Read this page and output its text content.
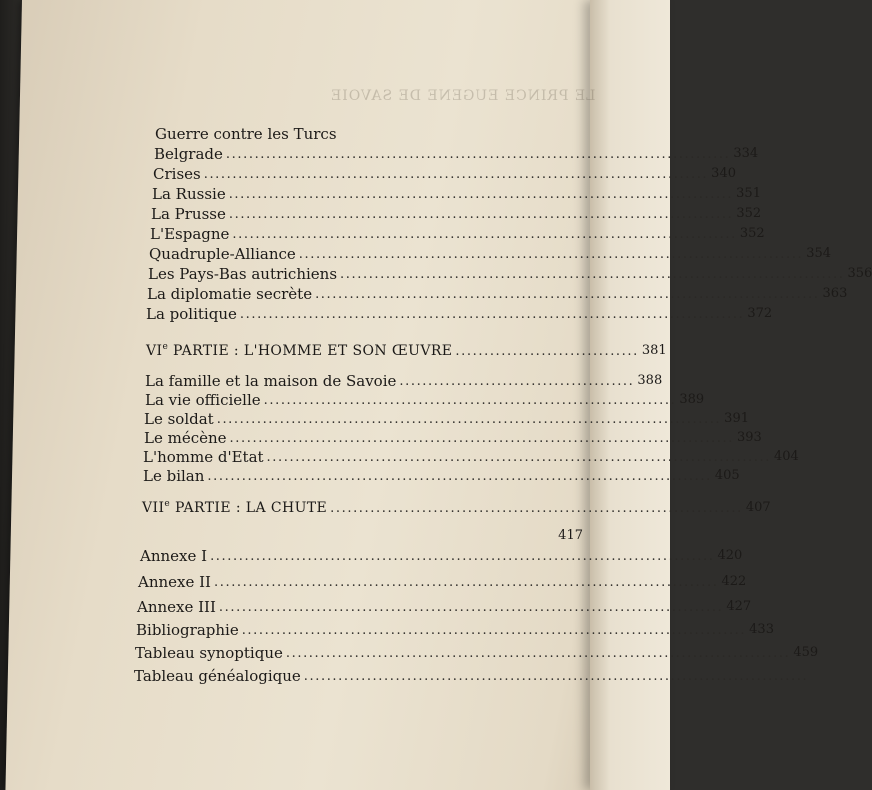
LE PRINCE EUGENE DE SAVOIE
Guerre contre les Turcs
Belgrade ........................................................................................ 334
Crises ........................................................................................ 340
La Russie ........................................................................................ 351
La Prusse ........................................................................................ 352
L'Espagne ........................................................................................ 352
Quadruple-Alliance ........................................................................................ 354
Les Pays-Bas autrichiens ........................................................................................ 356
La diplomatie secrète ........................................................................................ 363
La politique ........................................................................................ 372
VIe PARTIE : L'HOMME ET SON ŒUVRE ................................ 381
La famille et la maison de Savoie ......................................... 388
La vie officielle ........................................................................ 389
Le soldat ........................................................................................ 391
Le mécène ........................................................................................ 393
L'homme d'Etat ........................................................................................ 404
Le bilan ........................................................................................ 405
VIIe PARTIE : LA CHUTE ........................................................................ 407
417
Annexe I ........................................................................................ 420
Annexe II ........................................................................................ 422
Annexe III ........................................................................................ 427
Bibliographie ........................................................................................ 433
Tableau synoptique ........................................................................................ 459
Tableau généalogique ........................................................................................
